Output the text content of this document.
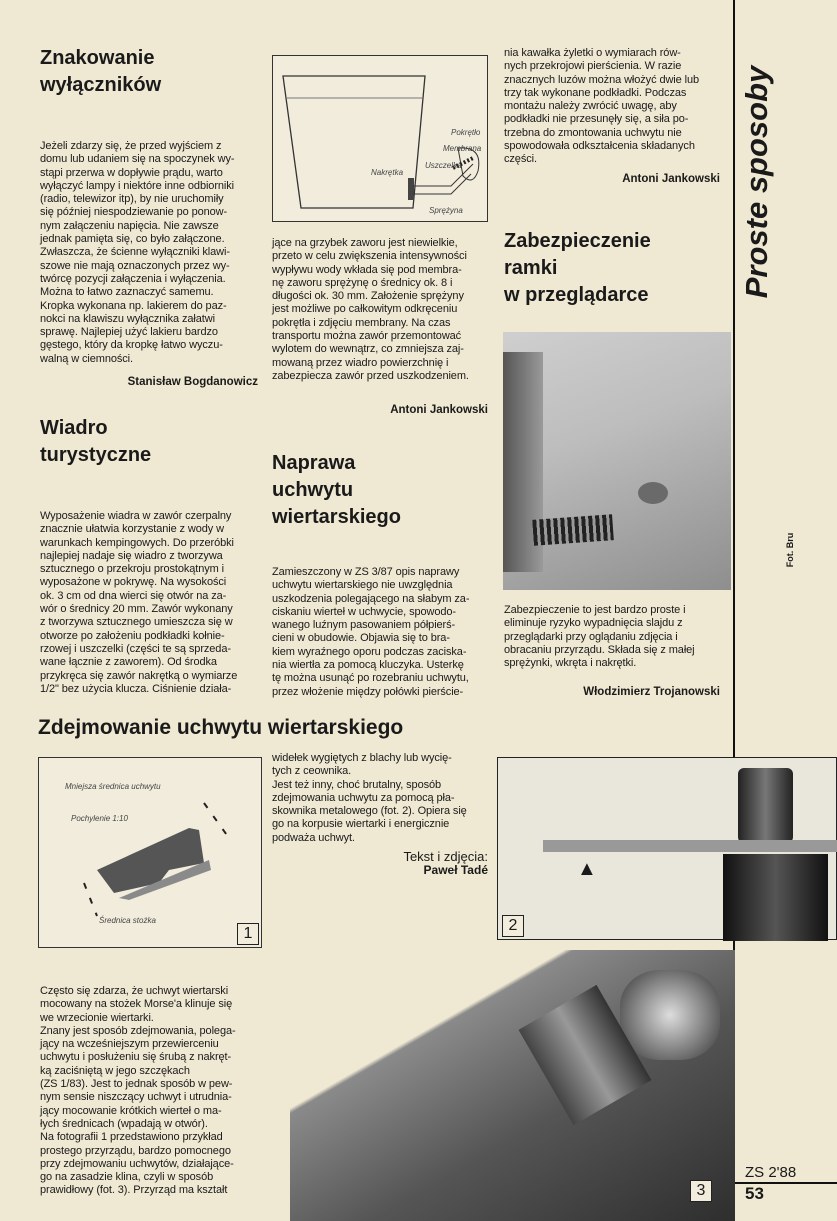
Proste sposoby
Znakowanie
wyłączników
Jeżeli zdarzy się, że przed wyjściem z
domu lub udaniem się na spoczynek wy-
stąpi przerwa w dopływie prądu, warto
wyłączyć lampy i niektóre inne odbiorniki
(radio, telewizor itp), by nie uruchomiły
się później niespodziewanie po ponow-
nym załączeniu napięcia. Nie zawsze
jednak pamięta się, co było załączone.
Zwłaszcza, że ścienne wyłączniki klawi-
szowe nie mają oznaczonych przez wy-
twórcę pozycji załączenia i wyłączenia.
Można to łatwo zaznaczyć samemu.
Kropka wykonana np. lakierem do paz-
nokci na klawiszu wyłącznika załatwi
sprawę. Najlepiej użyć lakieru bardzo
gęstego, który da kropkę łatwo wyczu-
walną w ciemności.
Stanisław Bogdanowicz
Wiadro
turystyczne
Wyposażenie wiadra w zawór czerpalny
znacznie ułatwia korzystanie z wody w
warunkach kempingowych. Do przeróbki
najlepiej nadaje się wiadro z tworzywa
sztucznego o przekroju prostokątnym i
wyposażone w pokrywę. Na wysokości
ok. 3 cm od dna wierci się otwór na za-
wór o średnicy 20 mm. Zawór wykonany
z tworzywa sztucznego umieszcza się w
otworze po założeniu podkładki kołnie-
rzowej i uszczelki (części te są sprzeda-
wane łącznie z zaworem). Od środka
przykręca się zawór nakrętką o wymiarze
1/2" bez użycia klucza. Ciśnienie działa-
Pokrętło
Membrana
Uszczelka
Nakrętka
Sprężyna
jące na grzybek zaworu jest niewielkie,
przeto w celu zwiększenia intensywności
wypływu wody wkłada się pod membra-
nę zaworu sprężynę o średnicy ok. 8 i
długości ok. 30 mm. Założenie sprężyny
jest możliwe po całkowitym odkręceniu
pokrętła i zdjęciu membrany. Na czas
transportu można zawór przemontować
wylotem do wewnątrz, co zmniejsza zaj-
mowaną przez wiadro powierzchnię i
zabezpiecza zawór przed uszkodzeniem.
Antoni Jankowski
Naprawa
uchwytu
wiertarskiego
Zamieszczony w ZS 3/87 opis naprawy
uchwytu wiertarskiego nie uwzględnia
uszkodzenia polegającego na słabym za-
ciskaniu wierteł w uchwycie, spowodo-
wanego luźnym pasowaniem półpierś-
cieni w obudowie. Objawia się to bra-
kiem wyraźnego oporu podczas zaciska-
nia wiertła za pomocą kluczyka. Usterkę
tę można usunąć po rozebraniu uchwytu,
przez włożenie między połówki pierście-
nia kawałka żyletki o wymiarach rów-
nych przekrojowi pierścienia. W razie
znacznych luzów można włożyć dwie lub
trzy tak wykonane podkładki. Podczas
montażu należy zwrócić uwagę, aby
podkładki nie przesunęły się, a siła po-
trzebna do zmontowania uchwytu nie
spowodowała odkształcenia składanych
części.
Antoni Jankowski
Zabezpieczenie
ramki
w przeglądarce
Fot. Bru
Zabezpieczenie to jest bardzo proste i
eliminuje ryzyko wypadnięcia slajdu z
przeglądarki przy oglądaniu zdjęcia i
obracaniu przyrządu. Składa się z małej
sprężynki, wkręta i nakrętki.
Włodzimierz Trojanowski
Zdejmowanie uchwytu wiertarskiego
Mniejsza średnica uchwytu
Pochylenie 1:10
Średnica stożka
1
widełek wygiętych z blachy lub wycię-
tych z ceownika.
Jest też inny, choć brutalny, sposób
zdejmowania uchwytu za pomocą pła-
skownika metalowego (fot. 2). Opiera się
go na korpusie wiertarki i energicznie
podważa uchwyt.
Tekst i zdjęcia:
Paweł Tadé	▲
2
Często się zdarza, że uchwyt wiertarski
mocowany na stożek Morse'a klinuje się
we wrzecionie wiertarki.
Znany jest sposób zdejmowania, polega-
jący na wcześniejszym przewierceniu
uchwytu i posłużeniu się śrubą z nakręt-
ką zaciśniętą w jego szczękach
(ZS 1/83). Jest to jednak sposób w pew-
nym sensie niszczący uchwyt i utrudnia-
jący mocowanie krótkich wierteł o ma-
łych średnicach (wpadają w otwór).
Na fotografii 1 przedstawiono przykład
prostego przyrządu, bardzo pomocnego
przy zdejmowaniu uchwytów, działające-
go na zasadzie klina, czyli w sposób
prawidłowy (fot. 3). Przyrząd ma kształt	3
ZS 2'88
53
